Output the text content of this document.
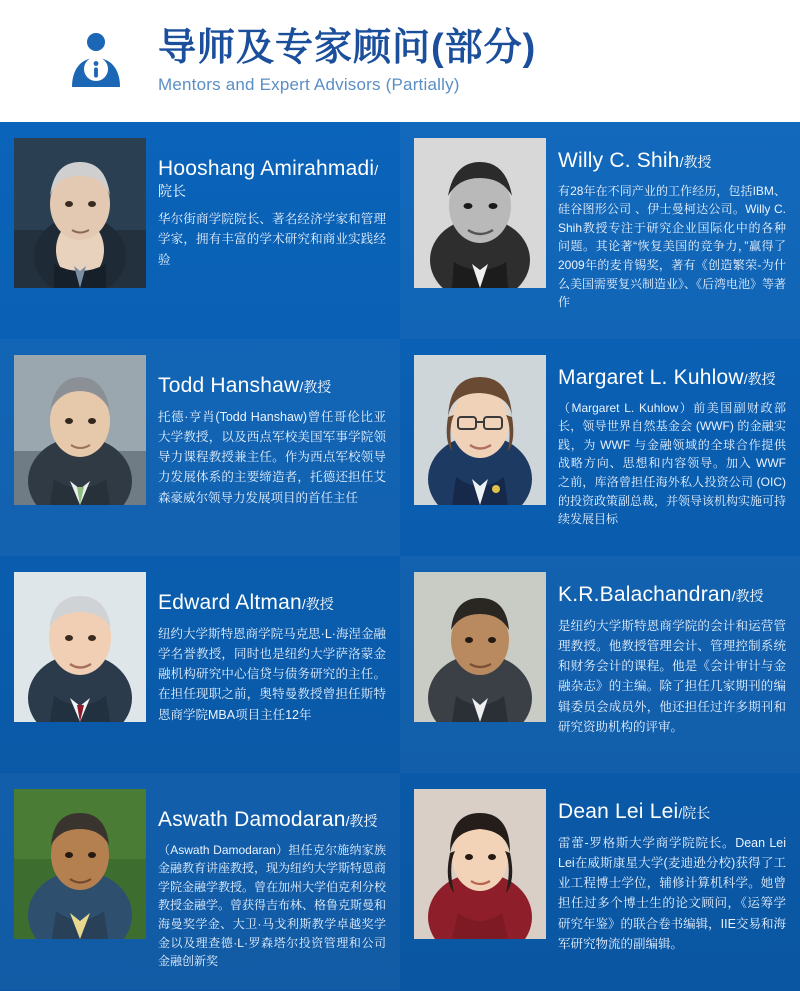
导师及专家顾问(部分)
Mentors and Expert Advisors (Partially)
Hooshang Amirahmadi/院长
华尔街商学院院长、著名经济学家和管理学家，拥有丰富的学术研究和商业实践经验
Willy C. Shih/教授
有28年在不同产业的工作经历，包括IBM、硅谷图形公司 、伊士曼柯达公司。Willy C. Shih教授专注于研究企业国际化中的各种问题。其论著“恢复美国的竞争力，”赢得了2009年的麦肯锡奖，著有《创造繁荣-为什么美国需要复兴制造业》、《后湾电池》等著作
Todd Hanshaw/教授
托德·亨肖(Todd Hanshaw)曾任哥伦比亚大学教授，以及西点军校美国军事学院领导力课程教授兼主任。作为西点军校领导力发展体系的主要缔造者，托德还担任艾森豪威尔领导力发展项目的首任主任
Margaret L. Kuhlow/教授
（Margaret L. Kuhlow）前美国副财政部长，领导世界自然基金会 (WWF) 的金融实践，为 WWF 与金融领域的全球合作提供战略方向、思想和内容领导。加入 WWF 之前，库洛曾担任海外私人投资公司 (OIC) 的投资政策副总裁，并领导该机构实施可持续发展目标
Edward Altman/教授
纽约大学斯特恩商学院马克思·L·海涅金融学名誉教授，同时也是纽约大学萨洛蒙金融机构研究中心信贷与债务研究的主任。在担任现职之前，奥特曼教授曾担任斯特恩商学院MBA项目主任12年
K.R.Balachandran/教授
是纽约大学斯特恩商学院的会计和运营管理教授。他教授管理会计、管理控制系统和财务会计的课程。他是《会计审计与金融杂志》的主编。除了担任几家期刊的编辑委员会成员外，他还担任过许多期刊和研究资助机构的评审。
Aswath Damodaran/教授
（Aswath Damodaran）担任克尔施纳家族金融教育讲座教授，现为纽约大学斯特恩商学院金融学教授。曾在加州大学伯克利分校教授金融学。曾获得吉布林、格鲁克斯曼和海曼奖学金、大卫·马戈利斯教学卓越奖学金以及理查德·L·罗森塔尔投资管理和公司金融创新奖
Dean Lei Lei/院长
雷蕾-罗格斯大学商学院院长。Dean Lei Lei在威斯康星大学(麦迪逊分校)获得了工业工程博士学位，辅修计算机科学。她曾担任过多个博士生的论文顾问，《运筹学研究年鉴》的联合卷书编辑，IIE交易和海军研究物流的副编辑。
